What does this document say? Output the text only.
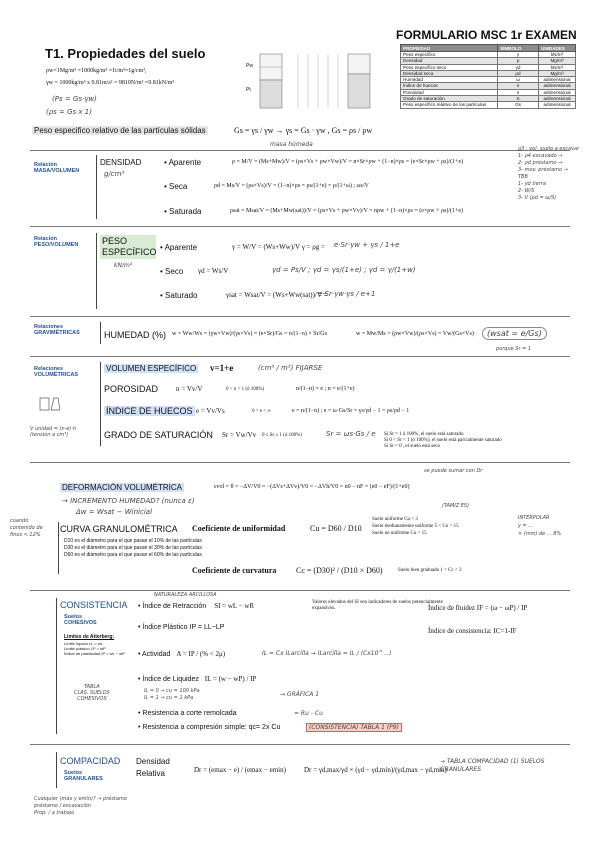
FORMULARIO MSC 1r EXAMEN
T1. Propiedades del suelo
ρw=1Mg/m³ =1000kg/m³ =1t/m³=1g/cm³,
γw = 1000kg/m³ x 9.81m/s² = 9810N/m³ =9.81kN/m³
(Ps = Gs·γw)
(ρs = Gs x 1)
Pw
Pt
PROPIEDAD	SÍMBOLO	UNIDADES
Peso específico	γ	kN/m³
Densidad	ρ	Mg/m³
Peso específico seco	γd	kN/m³
Densidad seca	ρd	Mg/m³
Humedad	ω	adimensional
Índice de huecos	e	adimensional
Porosidad	n	adimensional
Grado de saturación	S	adimensional
Peso específico relativo de las partículas	Gs	adimensional
Peso especifico relativo de las partículas sólidas	Gs = γs / γw → γs = Gs · γw , Gs = ρs / ρw
masa húmeda
Relación MASA/VOLUMEN
DENSIDAD
g/cm³
• Aparente	ρ = M/V = (Ms+Mw)/V = (ρs×Vs + ρw×Vw)/V = n×Sr×ρw + (1−n)×ρs = (e×Sr×ρw + ρs)/(1+e)
• Seca	ρd = Ms/V = (ρs×Vs)/V = (1−n)×ρs = ρs/(1+e) = ρ/(1+ω) ; ωs/V
• Saturada	ρsat = Msat/V = (Ms+Mw(sat))/V = (ρs×Vs + ρw×Vv)/V = nρw + (1−n)×ρs = (e×ρw + ρs)/(1+e)
ρ3 : vol. suelo a excavar
1- ρ4 excavado →
2- ρd préstamo →
3- mov. préstamo →
TBB
1- γd tierra
2- W/S
3- V (ρd = ω/S)
Relación PESO/VOLUMEN	PESO ESPECÍFICO
kN/m³
• Aparente	γ = W/V = (Ws+Ww)/V γ = ρg = e·Sr·γw + γs / 1+e
• Seco γd = Ws/V	γd = Ps/V ; γd = γs/(1+e) ; γd = γ/(1+w)
• Saturado	γsat = Wsat/V = (Ws+Ww(sat))/V =
e·Sr·γw·γs / e+1
Relaciones GRAVIMÉTRICAS	HUMEDAD (%) w = Ww/Ws = (γw×Vw)/(γs×Vs) = (e×Sr)/Gs = n/(1−n) × Sr/Gs	w = Mw/Ms = (ρw×Vw)/(ρs×Vs) = Vw/(Gs×Vs)	(wsat = e/Gs)
porque Sr = 1
Relaciones VOLUMÉTRICAS
VOLUMEN ESPECÍFICO v=1+e	(cm³ / m³) FIJARSE
POROSIDAD	n = Vv/V	0 < n < 1 (ó 100%)	n/(1−n) = e ; n = e/(1+e)
ÍNDICE DE HUECOS e = Vv/Vs	0 < e < ∞	e = n/(1−n) ; e = ω·Gs/Sr = γs/γd − 1 = ρs/ρd − 1
GRADO DE SATURACIÓN Sr = Vw/Vv 0 ≤ Sr ≤ 1 (ó 100%)	Sr = ωs·Gs / e Si Sr = 1 ó 100%, el suelo está saturado
Si 0 < Sr < 1 (ó 100%), el suelo está parcialmente saturado
Si Sr = 0 , el suelo está seco
V unidad = (n·e)·h
(tensión a cm³)
DEFORMACIÓN VOLUMÉTRICA	εvol = θ = −ΔV/V0 = −(ΔVs+ΔVv)/V0 = −ΔVh/V0 = n0 − nF = (e0 − eF)/(1+e0)
→ INCREMENTO HUMEDAD? (nunca ε)
Δw = Wsat − Winicial
se puede sumar con Dr
CURVA GRANULOMÉTRICA Coeficiente de uniformidad	Cu = D60 / D10
Suelo uniforme Cu < 3
Suelo medianamente uniforme 5 < Cu < 15
Suelo no uniforme Cu > 15
(TAMIZ ES)
D10 es el diámetro para el que pasan el 10% de las partículas
D30 es el diámetro para el que pasan el 30% de las partículas
D60 es el diámetro para el que pasan el 60% de las partículas
Coeficiente de curvatura Cc = (D30)² / (D10 × D60)	Suelo bien graduado 1 < Cc < 3
cuando contenido de finos < 12%
INTERPOLAR
y = ...
× (mm) de ... 8%
NATURALEZA ARCILLOSA
CONSISTENCIA
Suelos COHESIVOS
Límites de Atterberg:
Límite líquido LL = wL
Límite plástico LP = wP
Índice de plasticidad IP = wL − wP
• Índice de Retracción SI = wL − wR	Valores elevados del SI son indicadores de suelos potencialmente expansivos.
• Índice Plástico IP = LL−LP
• Actividad A = IP / (% < 2μ)	IL = Cx ILarcilla → ILarcilla = IL / (Cx10^...)
• Índice de Liquidez IL = (w − wP) / IP
IL = 0 → cu = 100 kPa
IL = 1 → cu = 1 kPa	→ GRÁFICA 1
• Resistencia a corte remolcada	= Ru - Cu
• Resistencia a compresión simple: qc= 2x Cu	(CONSISTENCIA) TABLA 1 (P9)
Índice de fluidez IF = (ω − ωP) / IP
Índice de consistencia: IC=1-IF
TABLA
CLAS. SUELOS
COHESIVOS
COMPACIDAD
Suelos GRANULARES
Densidad Relativa	Dr = (emax − e) / (emax − emin)	Dr = γd,max/γd × (γd − γd,min)/(γd,max − γd,min)
→ TABLA COMPACIDAD (1) SUELOS GRANULARES
Cualquier (max y emin)? → préstamo
préstamo / excavación
Prop. / a trabajo
